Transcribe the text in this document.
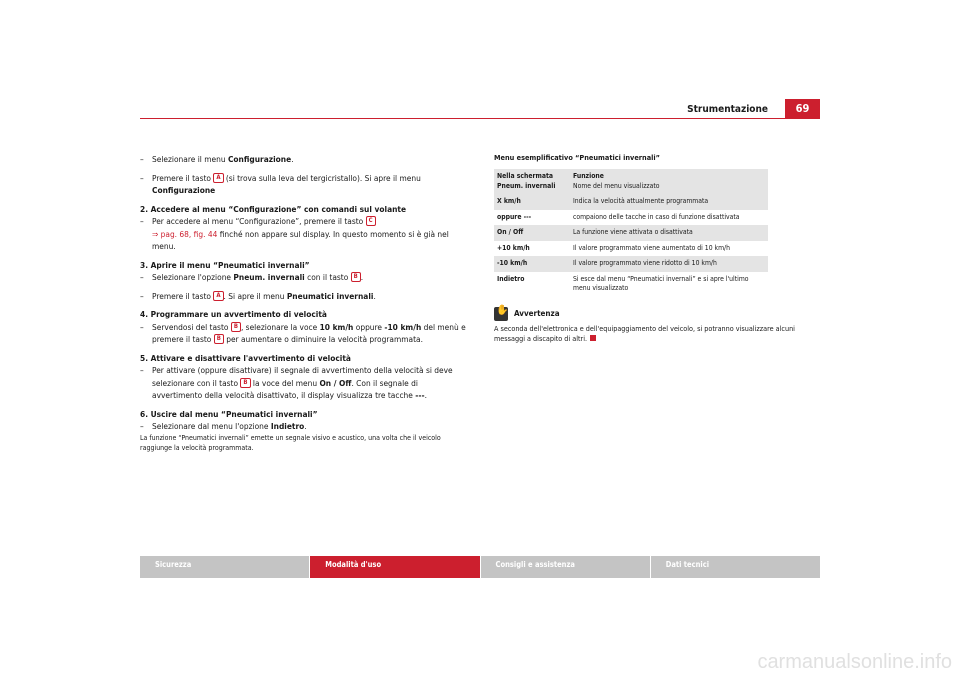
Strumentazione	69

– Selezionare il menu Configurazione.

– Premere il tasto A (si trova sulla leva del tergicristallo). Si apre il menu Configurazione

2. Accedere al menu “Configurazione” con comandi sul volante

– Per accedere al menu “Configurazione”, premere il tasto C
⇒ pag. 68, fig. 44 finché non appare sul display. In questo momento si è già nel menu.

3. Aprire il menu “Pneumatici invernali”

– Selezionare l'opzione Pneum. invernali con il tasto B .

– Premere il tasto A . Si apre il menu Pneumatici invernali.

4. Programmare un avvertimento di velocità

– Servendosi del tasto B , selezionare la voce 10 km/h oppure -10 km/h del menù e premere il tasto B per aumentare o diminuire la velocità programmata.

5. Attivare e disattivare l'avvertimento di velocità

– Per attivare (oppure disattivare) il segnale di avvertimento della velocità si deve selezionare con il tasto B la voce del menu On / Off. Con il segnale di avvertimento della velocità disattivato, il display visualizza tre tacche ---.

6. Uscire dal menu “Pneumatici invernali”

– Selezionare dal menu l'opzione Indietro.

La funzione “Pneumatici invernali” emette un segnale visivo e acustico, una volta che il veicolo raggiunge la velocità programmata.

Menu esemplificativo “Pneumatici invernali”
Nella schermata Pneum. invernali	Funzione
Nome del menu visualizzato
X km/h	Indica la velocità attualmente programmata
oppure ---	compaiono delle tacche in caso di funzione disattivata
On / Off	La funzione viene attivata o disattivata
+10 km/h	Il valore programmato viene aumentato di 10 km/h
-10 km/h	Il valore programmato viene ridotto di 10 km/h
Indietro	Si esce dal menu “Pneumatici invernali” e si apre l'ultimo menu visualizzato
✋Avvertenza
A seconda dell'elettronica e dell'equipaggiamento del veicolo, si potranno visualizzare alcuni messaggi a discapito di altri.
Sicurezza	Modalità d'uso	Consigli e assistenza	Dati tecnici
carmanualsonline.info
